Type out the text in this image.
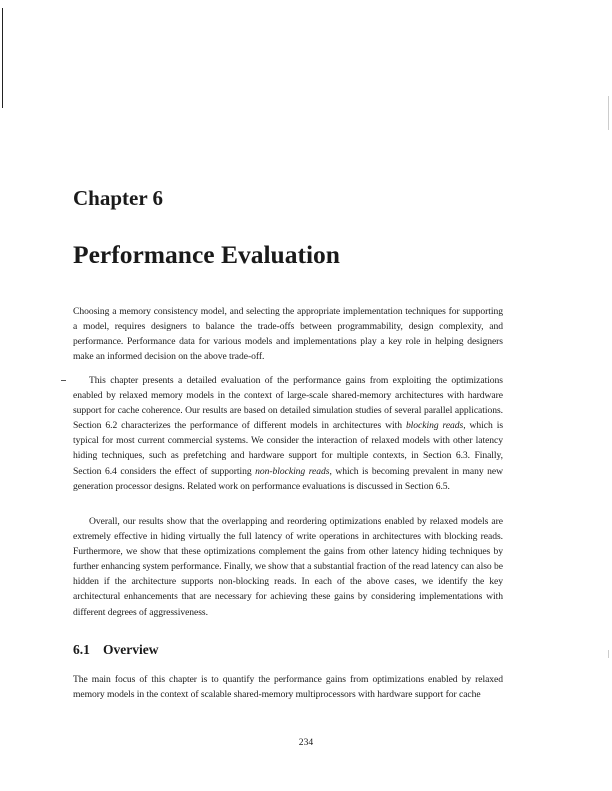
Chapter 6
Performance Evaluation

Choosing a memory consistency model, and selecting the appropriate implementation techniques for supporting a model, requires designers to balance the trade-offs between programmability, design complexity, and performance. Performance data for various models and implementations play a key role in helping designers make an informed decision on the above trade-off.

This chapter presents a detailed evaluation of the performance gains from exploiting the optimizations enabled by relaxed memory models in the context of large-scale shared-memory architectures with hardware support for cache coherence. Our results are based on detailed simulation studies of several parallel applications. Section 6.2 characterizes the performance of different models in architectures with blocking reads, which is typical for most current commercial systems. We consider the interaction of relaxed models with other latency hiding techniques, such as prefetching and hardware support for multiple contexts, in Section 6.3. Finally, Section 6.4 considers the effect of supporting non-blocking reads, which is becoming prevalent in many new generation processor designs. Related work on performance evaluations is discussed in Section 6.5.

Overall, our results show that the overlapping and reordering optimizations enabled by relaxed models are extremely effective in hiding virtually the full latency of write operations in architectures with blocking reads. Furthermore, we show that these optimizations complement the gains from other latency hiding techniques by further enhancing system performance. Finally, we show that a substantial fraction of the read latency can also be hidden if the architecture supports non-blocking reads. In each of the above cases, we identify the key architectural enhancements that are necessary for achieving these gains by considering implementations with different degrees of aggressiveness.

6.1 Overview

The main focus of this chapter is to quantify the performance gains from optimizations enabled by relaxed memory models in the context of scalable shared-memory multiprocessors with hardware support for cache

234
